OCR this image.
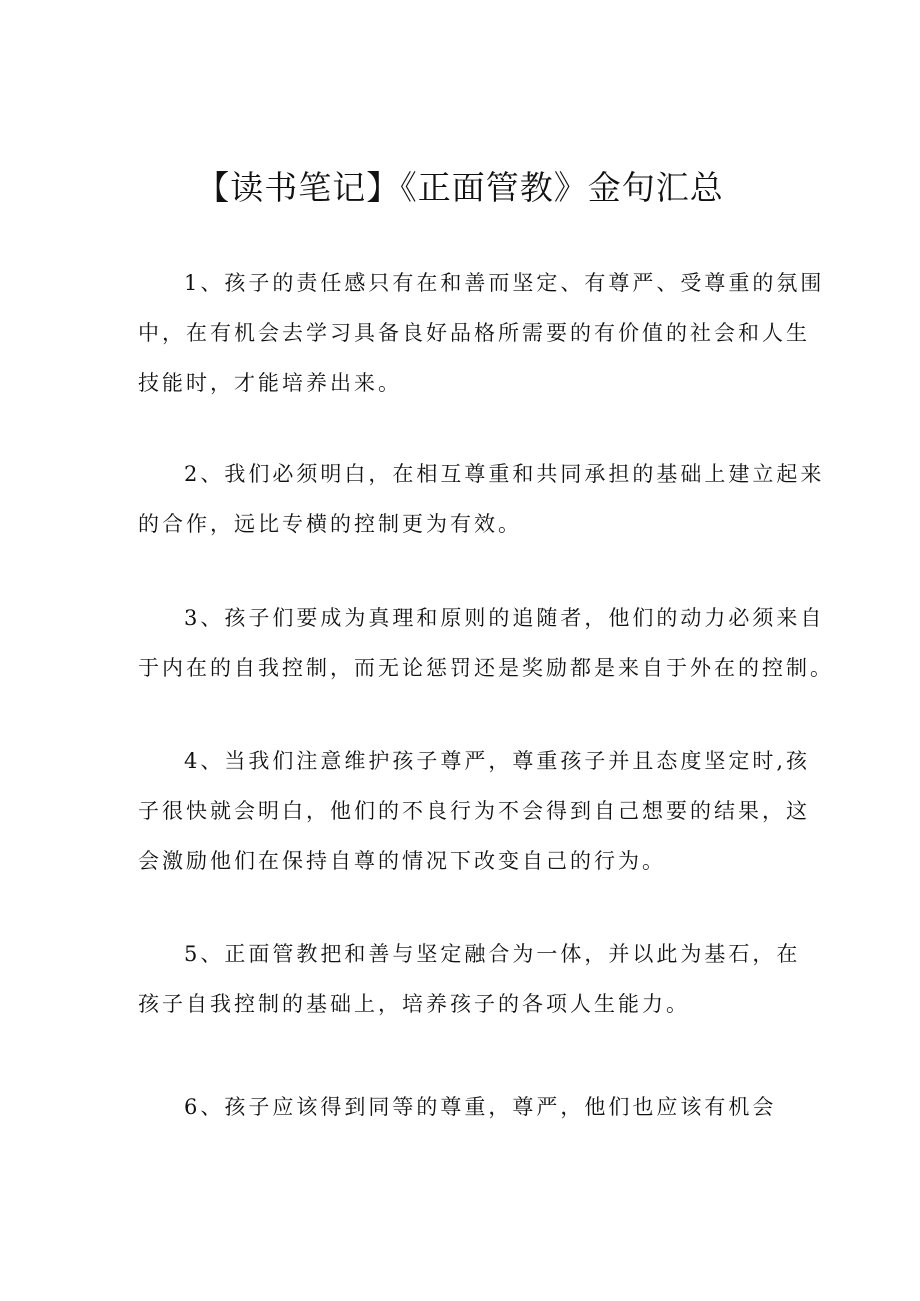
【读书笔记】《正面管教》金句汇总
1、孩子的责任感只有在和善而坚定、有尊严、受尊重的氛围
中，在有机会去学习具备良好品格所需要的有价值的社会和人生
技能时，才能培养出来。
2、我们必须明白，在相互尊重和共同承担的基础上建立起来
的合作，远比专横的控制更为有效。
3、孩子们要成为真理和原则的追随者，他们的动力必须来自
于内在的自我控制，而无论惩罚还是奖励都是来自于外在的控制。
4、当我们注意维护孩子尊严，尊重孩子并且态度坚定时,孩
子很快就会明白，他们的不良行为不会得到自己想要的结果，这
会激励他们在保持自尊的情况下改变自己的行为。
5、正面管教把和善与坚定融合为一体，并以此为基石，在
孩子自我控制的基础上，培养孩子的各项人生能力。
6、孩子应该得到同等的尊重，尊严，他们也应该有机会
